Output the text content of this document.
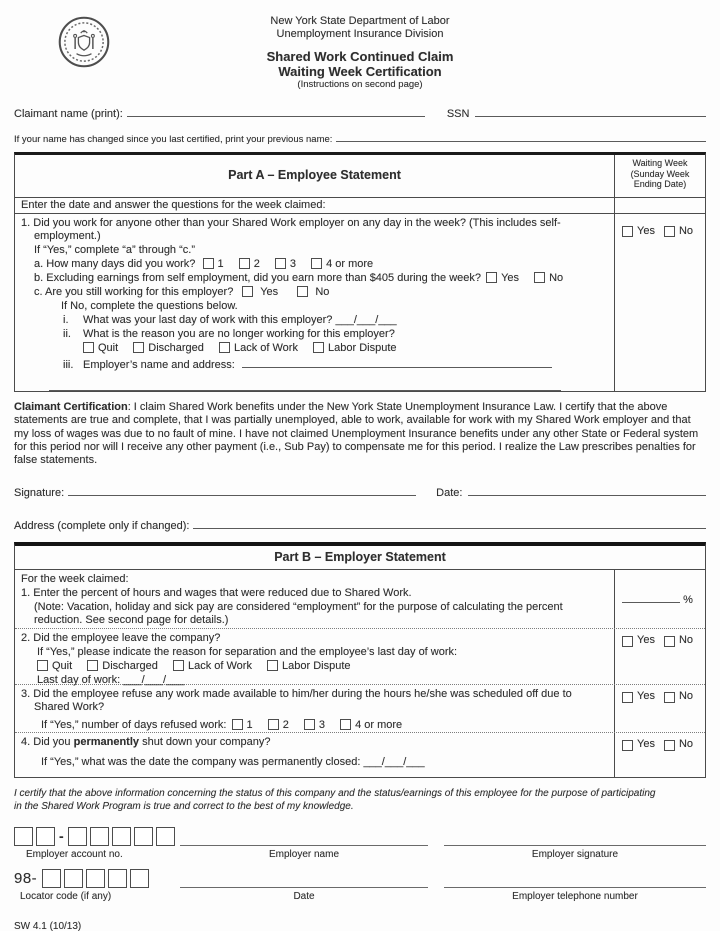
New York State Department of Labor
Unemployment Insurance Division
Shared Work Continued Claim
Waiting Week Certification
(Instructions on second page)
Claimant name (print):	SSN
If your name has changed since you last certified, print your previous name:
Part A – Employee Statement
Waiting Week
(Sunday Week
Ending Date)
Enter the date and answer the questions for the week claimed:
1. Did you work for anyone other than your Shared Work employer on any day in the week? (This includes self-employment.)
If “Yes,” complete “a” through “c.”
a. How many days did you work? 1	2	3	4 or more
b. Excluding earnings from self employment, did you earn more than $405 during the week? Yes	No
c. Are you still working for this employer? Yes	No
If No, complete the questions below.
i. What was your last day of work with this employer? ___/___/___
ii. What is the reason you are no longer working for this employer?
Quit	Discharged	Lack of Work	Labor Dispute
iii. Employer’s name and address:
Yes No

Claimant Certification: I claim Shared Work benefits under the New York State Unemployment Insurance Law. I certify that the above statements are true and complete, that I was partially unemployed, able to work, available for work with my Shared Work employer and that my loss of wages was due to no fault of mine. I have not claimed Unemployment Insurance benefits under any other State or Federal system for this period nor will I receive any other payment (i.e., Sub Pay) to compensate me for this period. I realize the Law prescribes penalties for false statements.

Signature:	Date:
Address (complete only if changed):
Part B – Employer Statement
For the week claimed:
1. Enter the percent of hours and wages that were reduced due to Shared Work.
(Note: Vacation, holiday and sick pay are considered “employment” for the purpose of calculating the percent reduction. See second page for details.)
%
2. Did the employee leave the company?
If “Yes,” please indicate the reason for separation and the employee’s last day of work:
Quit	Discharged	Lack of Work	Labor Dispute
Last day of work: ___/___/___
Yes No
3. Did the employee refuse any work made available to him/her during the hours he/she was scheduled off due to Shared Work?
If “Yes,” number of days refused work: 1	2	3	4 or more
Yes No
4. Did you permanently shut down your company?
If “Yes,” what was the date the company was permanently closed: ___/___/___
Yes No

I certify that the above information concerning the status of this company and the status/earnings of this employee for the purpose of participating in the Shared Work Program is true and correct to the best of my knowledge.

-
Employer account no.	Employer name	Employer signature
98-
Locator code (if any)	Date	Employer telephone number
SW 4.1 (10/13)
